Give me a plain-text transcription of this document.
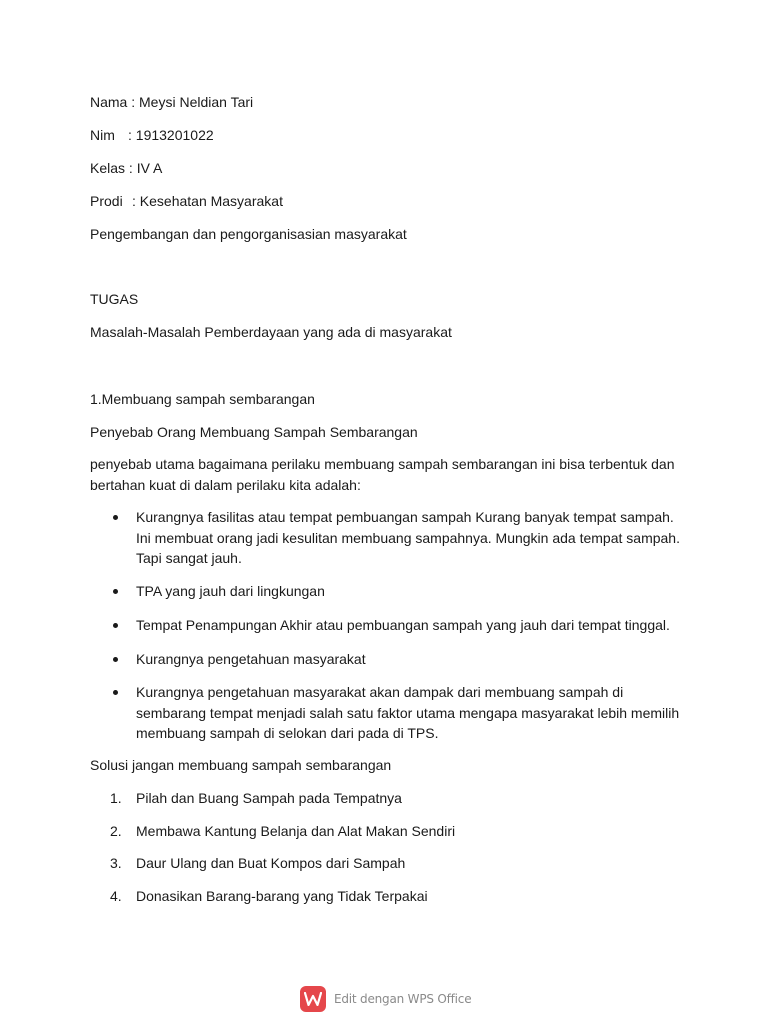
Nama : Meysi Neldian Tari
Nim : 1913201022
Kelas : IV A
Prodi : Kesehatan Masyarakat
Pengembangan dan pengorganisasian masyarakat
TUGAS
Masalah-Masalah Pemberdayaan yang ada di masyarakat
1.Membuang sampah sembarangan
Penyebab Orang Membuang Sampah Sembarangan
penyebab utama bagaimana perilaku membuang sampah sembarangan ini bisa terbentuk dan bertahan kuat di dalam perilaku kita adalah:
Kurangnya fasilitas atau tempat pembuangan sampah Kurang banyak tempat sampah. Ini membuat orang jadi kesulitan membuang sampahnya. Mungkin ada tempat sampah. Tapi sangat jauh.
TPA yang jauh dari lingkungan
Tempat Penampungan Akhir atau pembuangan sampah yang jauh dari tempat tinggal.
Kurangnya pengetahuan masyarakat
Kurangnya pengetahuan masyarakat akan dampak dari membuang sampah di sembarang tempat menjadi salah satu faktor utama mengapa masyarakat lebih memilih membuang sampah di selokan dari pada di TPS.
Solusi jangan membuang sampah sembarangan
1. Pilah dan Buang Sampah pada Tempatnya
2. Membawa Kantung Belanja dan Alat Makan Sendiri
3. Daur Ulang dan Buat Kompos dari Sampah
4. Donasikan Barang-barang yang Tidak Terpakai
Edit dengan WPS Office
